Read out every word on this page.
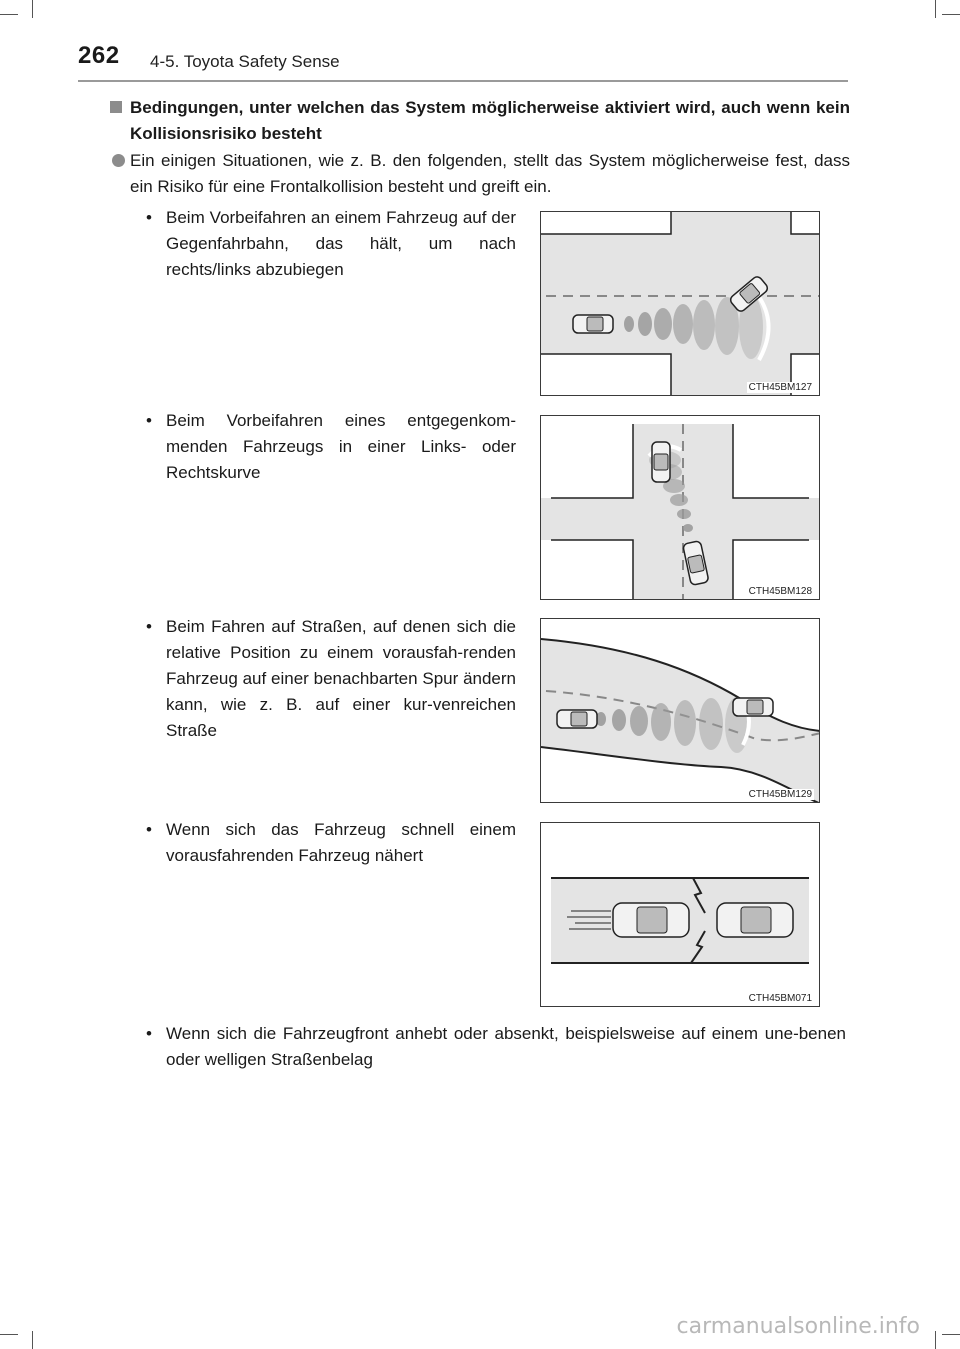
262 4-5. Toyota Safety Sense
Bedingungen, unter welchen das System möglicherweise aktiviert wird, auch wenn kein Kollisionsrisiko besteht
Ein einigen Situationen, wie z. B. den folgenden, stellt das System möglicherweise fest, dass ein Risiko für eine Frontalkollision besteht und greift ein.
• Beim Vorbeifahren an einem Fahrzeug auf der Gegenfahrbahn, das hält, um nach rechts/links abzubiegen
CTH45BM127
• Beim Vorbeifahren eines entgegenkom-menden Fahrzeugs in einer Links- oder Rechtskurve
CTH45BM128
• Beim Fahren auf Straßen, auf denen sich die relative Position zu einem vorausfah-renden Fahrzeug auf einer benachbarten Spur ändern kann, wie z. B. auf einer kur-venreichen Straße
CTH45BM129
• Wenn sich das Fahrzeug schnell einem vorausfahrenden Fahrzeug nähert
CTH45BM071
• Wenn sich die Fahrzeugfront anhebt oder absenkt, beispielsweise auf einem une-benen oder welligen Straßenbelag
carmanualsonline.info
